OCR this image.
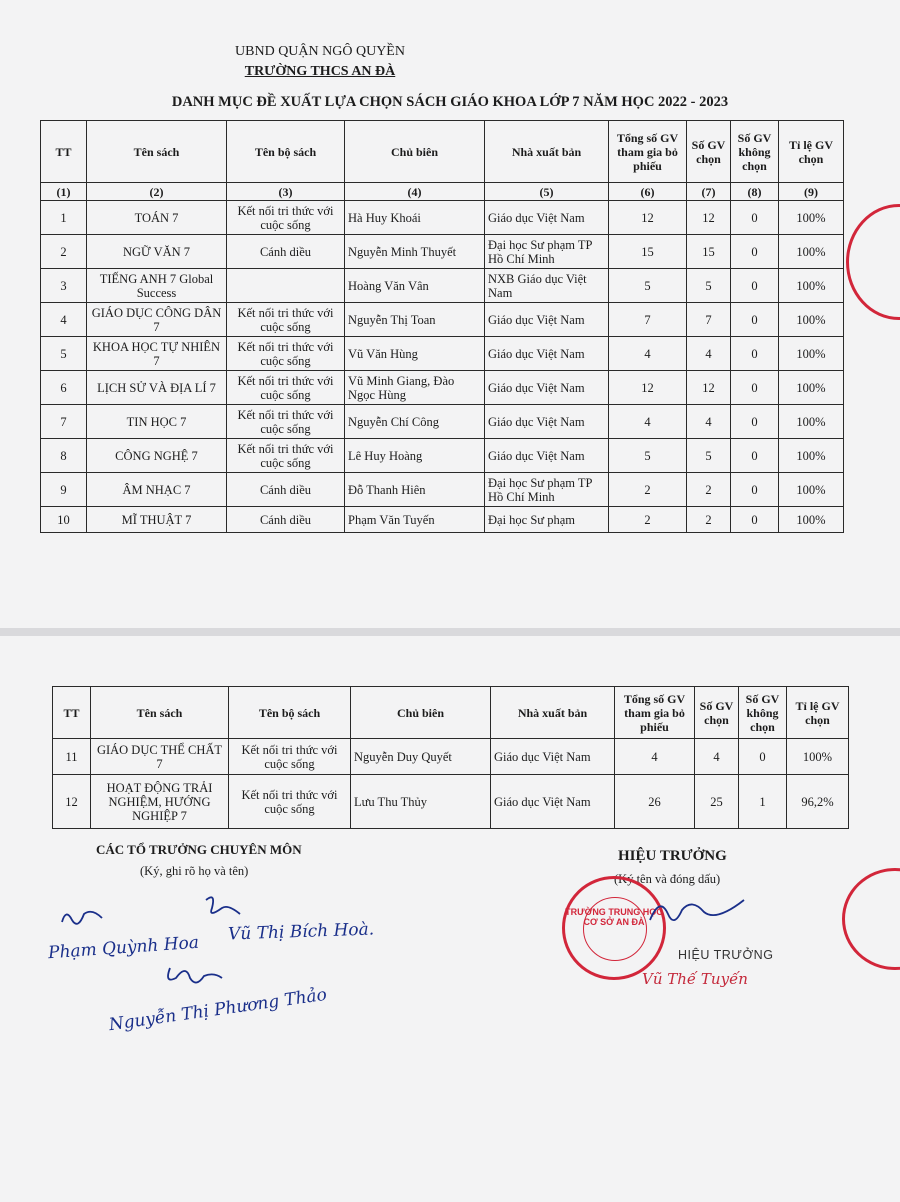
UBND QUẬN NGÔ QUYỀN
TRƯỜNG THCS AN ĐÀ
DANH MỤC ĐỀ XUẤT LỰA CHỌN SÁCH GIÁO KHOA LỚP 7 NĂM HỌC 2022 - 2023
TT	Tên sách	Tên bộ sách	Chủ biên	Nhà xuất bản	Tổng số GV tham gia bỏ phiếu	Số GV chọn	Số GV không chọn	Tỉ lệ GV chọn
(1)	(2)	(3)	(4)	(5)	(6)	(7)	(8)	(9)
1	TOÁN 7	Kết nối tri thức với cuộc sống	Hà Huy Khoái	Giáo dục Việt Nam	12	12	0	100%
2	NGỮ VĂN 7	Cánh diều	Nguyễn Minh Thuyết	Đại học Sư phạm TP Hồ Chí Minh	15	15	0	100%
3	TIẾNG ANH 7 Global Success		Hoàng Văn Vân	NXB Giáo dục Việt Nam	5	5	0	100%
4	GIÁO DỤC CÔNG DÂN 7	Kết nối tri thức với cuộc sống	Nguyễn Thị Toan	Giáo dục Việt Nam	7	7	0	100%
5	KHOA HỌC TỰ NHIÊN 7	Kết nối tri thức với cuộc sống	Vũ Văn Hùng	Giáo dục Việt Nam	4	4	0	100%
6	LỊCH SỬ VÀ ĐỊA LÍ 7	Kết nối tri thức với cuộc sống	Vũ Minh Giang, Đào Ngọc Hùng	Giáo dục Việt Nam	12	12	0	100%
7	TIN HỌC 7	Kết nối tri thức với cuộc sống	Nguyễn Chí Công	Giáo dục Việt Nam	4	4	0	100%
8	CÔNG NGHỆ 7	Kết nối tri thức với cuộc sống	Lê Huy Hoàng	Giáo dục Việt Nam	5	5	0	100%
9	ÂM NHẠC 7	Cánh diều	Đỗ Thanh Hiên	Đại học Sư phạm TP Hồ Chí Minh	2	2	0	100%
10	MĨ THUẬT 7	Cánh diều	Phạm Văn Tuyến	Đại học Sư phạm	2	2	0	100%
TT	Tên sách	Tên bộ sách	Chủ biên	Nhà xuất bản	Tổng số GV tham gia bỏ phiếu	Số GV chọn	Số GV không chọn	Tỉ lệ GV chọn
11	GIÁO DỤC THỂ CHẤT 7	Kết nối tri thức với cuộc sống	Nguyễn Duy Quyết	Giáo dục Việt Nam	4	4	0	100%
12	HOẠT ĐỘNG TRẢI NGHIỆM, HƯỚNG NGHIỆP 7	Kết nối tri thức với cuộc sống	Lưu Thu Thủy	Giáo dục Việt Nam	26	25	1	96,2%
CÁC TỔ TRƯỞNG CHUYÊN MÔN
(Ký, ghi rõ họ và tên)
HIỆU TRƯỞNG
(Ký tên và đóng dấu)
Phạm Quỳnh Hoa
Vũ Thị Bích Hoà.
Nguyễn Thị Phương Thảo
TRƯỜNG TRUNG HỌC CƠ SỞ AN ĐÀ
HIỆU TRƯỞNG
Vũ Thế Tuyến
